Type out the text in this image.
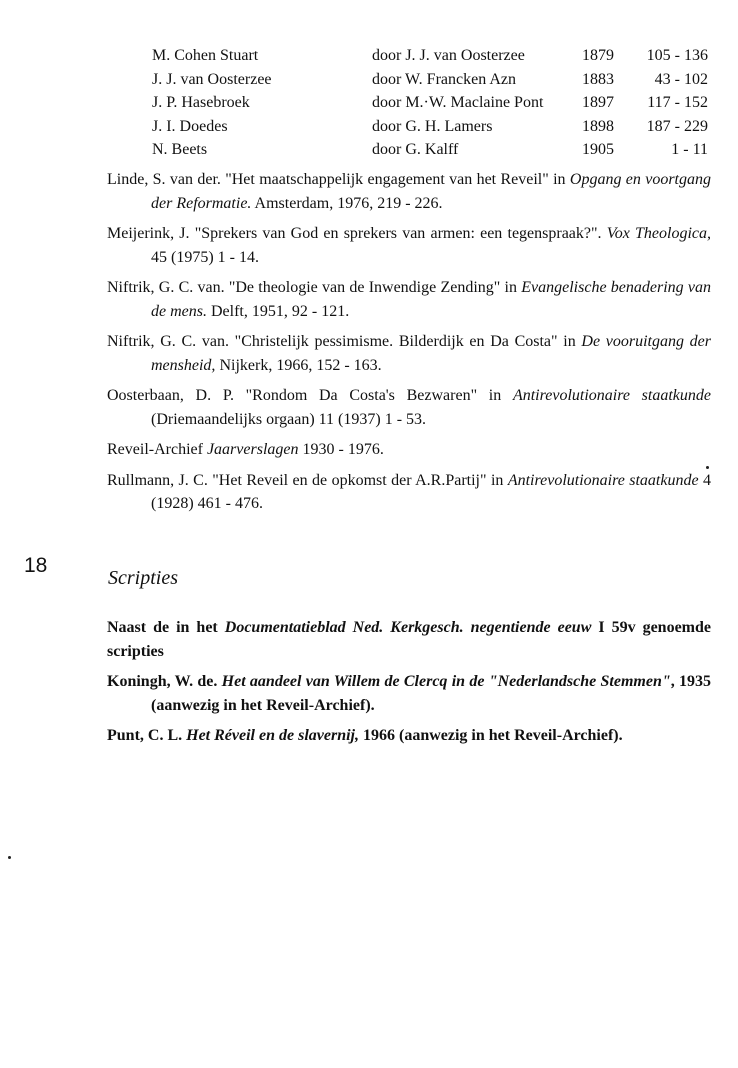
M. Cohen Stuart	door J. J. van Oosterzee	1879	105 - 136
J. J. van Oosterzee	door W. Francken Azn	1883	43 - 102
J. P. Hasebroek	door M.·W. Maclaine Pont 1897	117 - 152
J. I. Doedes	door G. H. Lamers	1898	187 - 229
N. Beets	door G. Kalff	1905	1 - 11
Linde, S. van der. "Het maatschappelijk engagement van het Reveil" in Opgang en voortgang der Reformatie. Amsterdam, 1976, 219 - 226.
Meijerink, J. "Sprekers van God en sprekers van armen: een tegenspraak?". Vox Theologica, 45 (1975) 1 - 14.
Niftrik, G. C. van. "De theologie van de Inwendige Zending" in Evangelische benadering van de mens. Delft, 1951, 92 - 121.
Niftrik, G. C. van. "Christelijk pessimisme. Bilderdijk en Da Costa" in De vooruitgang der mensheid, Nijkerk, 1966, 152 - 163.
Oosterbaan, D. P. "Rondom Da Costa's Bezwaren" in Antirevolutionaire staatkunde (Driemaandelijks orgaan) 11 (1937) 1 - 53.
Reveil-Archief Jaarverslagen 1930 - 1976.
Rullmann, J. C. "Het Reveil en de opkomst der A.R.Partij" in Antirevolutionaire staatkunde 4 (1928) 461 - 476.
18
Scripties
Naast de in het Documentatieblad Ned. Kerkgesch. negentiende eeuw I 59v genoemde scripties
Koningh, W. de. Het aandeel van Willem de Clercq in de "Nederlandsche Stemmen", 1935 (aanwezig in het Reveil-Archief).
Punt, C. L. Het Réveil en de slavernij, 1966 (aanwezig in het Reveil-Archief).
